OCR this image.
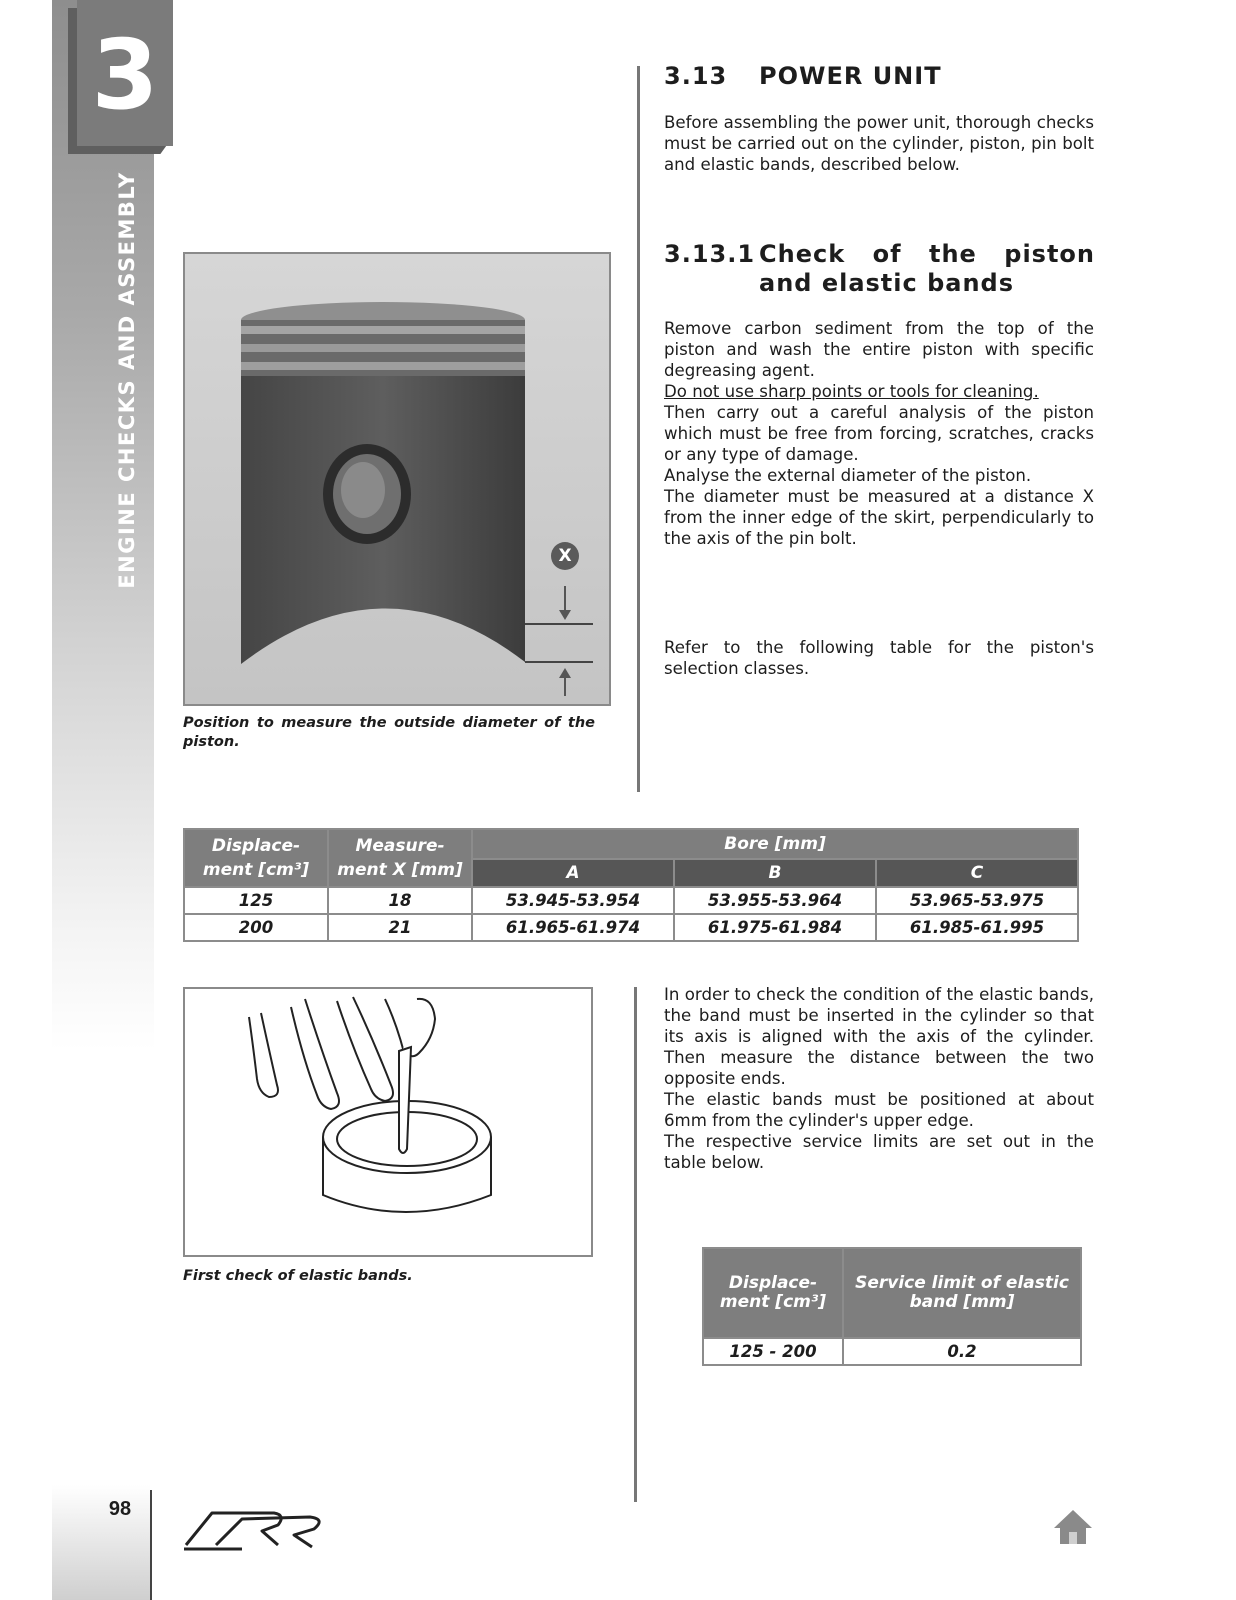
3
ENGINE CHECKS AND ASSEMBLY
3.13 POWER UNIT
Before assembling the power unit, thorough checks must be carried out on the cylinder, piston, pin bolt and elastic bands, described below.
3.13.1 Check of the piston and elastic bands

Remove carbon sediment from the top of the piston and wash the entire piston with specific degreasing agent.

Do not use sharp points or tools for cleaning.

Then carry out a careful analysis of the piston which must be free from forcing, scratches, cracks or any type of damage.

Analyse the external diameter of the piston.

The diameter must be measured at a distance X from the inner edge of the skirt, perpendicularly to the axis of the pin bolt.

Refer to the following table for the piston's selection classes.
X
Position to measure the outside diameter of the piston.
Displace-ment [cm³]	Measure-ment X [mm]	Bore [mm]		
		A	B	C
125	18	53.945-53.954	53.955-53.964	53.965-53.975
200	21	61.965-61.974	61.975-61.984	61.985-61.995
First check of elastic bands.

In order to check the condition of the elastic bands, the band must be inserted in the cylinder so that its axis is aligned with the axis of the cylinder. Then measure the distance between the two opposite ends.

The elastic bands must be positioned at about 6mm from the cylinder's upper edge.

The respective service limits are set out in the table below.

Displace-ment [cm³]	Service limit of elastic band [mm]
125 - 200	0.2
98
